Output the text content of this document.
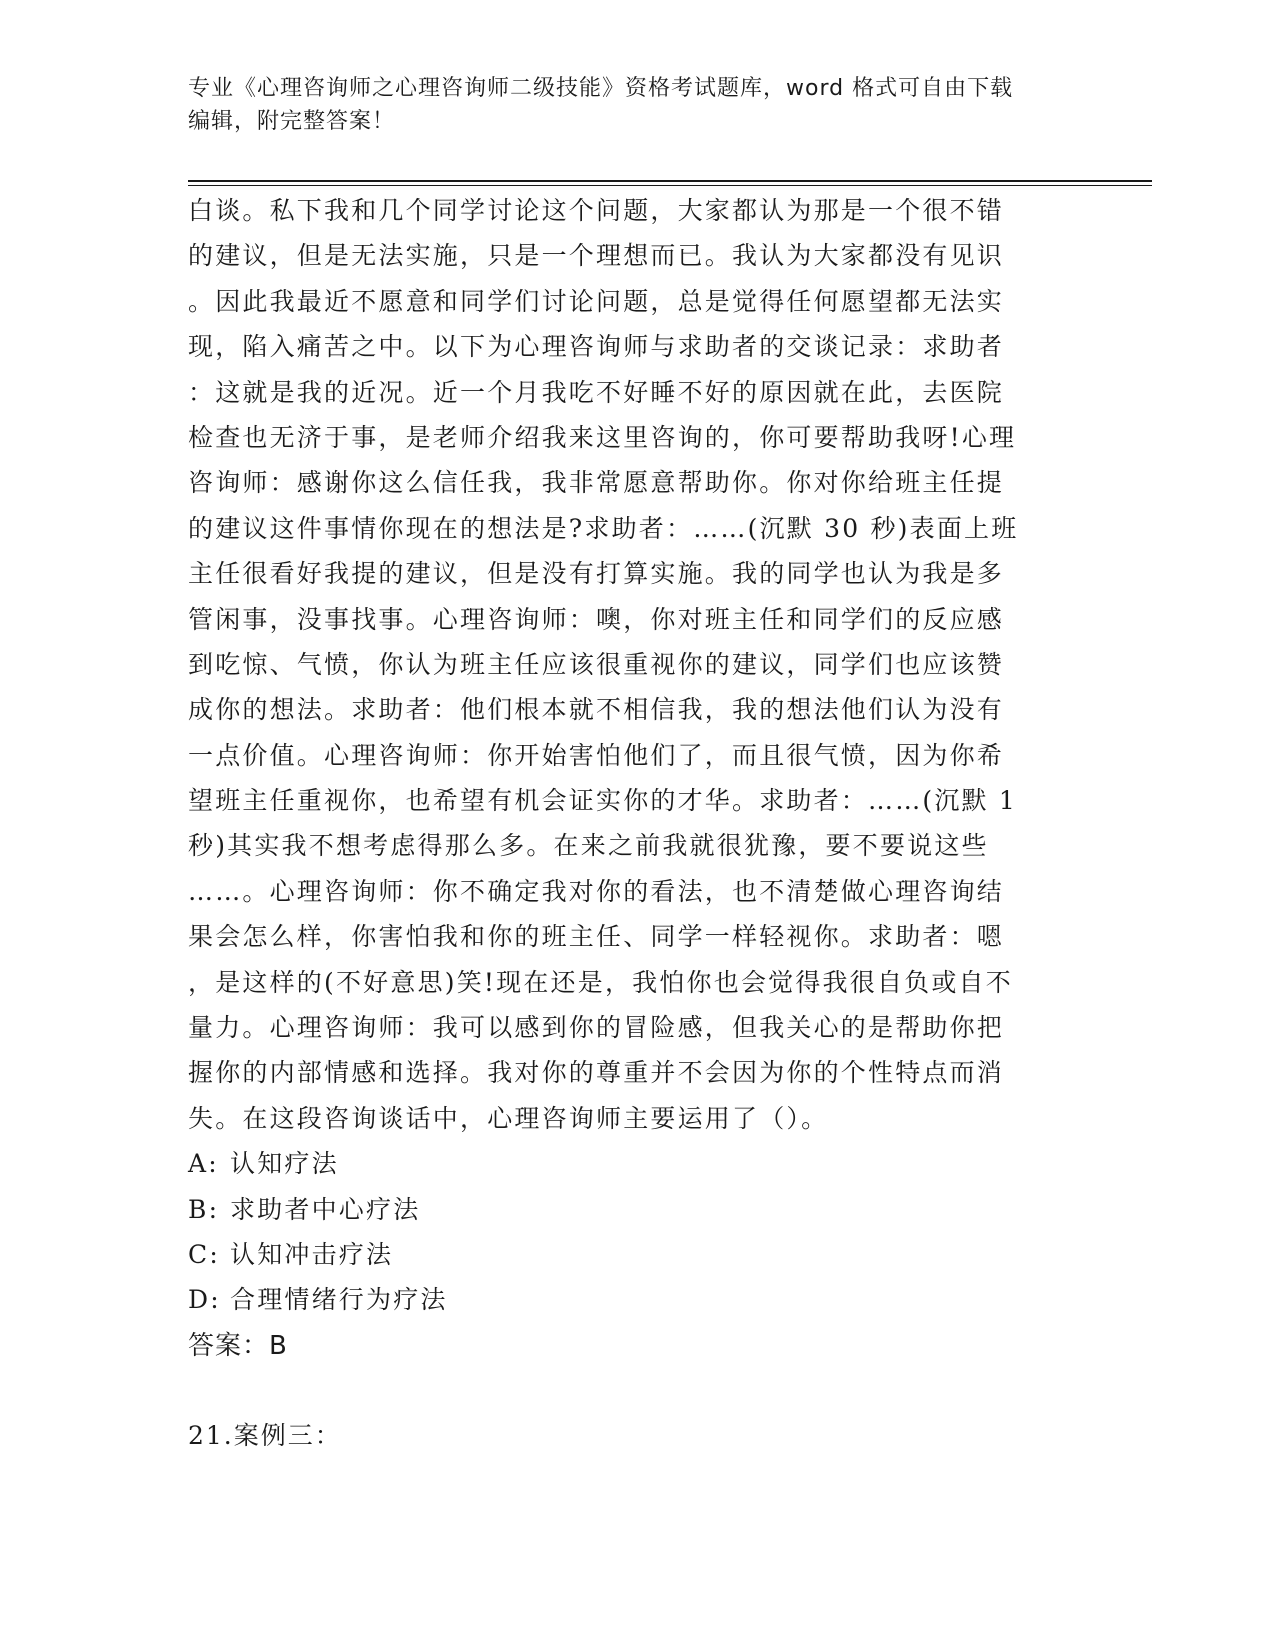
专业《心理咨询师之心理咨询师二级技能》资格考试题库，word 格式可自由下载
编辑，附完整答案！
白谈。私下我和几个同学讨论这个问题，大家都认为那是一个很不错
的建议，但是无法实施，只是一个理想而已。我认为大家都没有见识
。因此我最近不愿意和同学们讨论问题，总是觉得任何愿望都无法实
现，陷入痛苦之中。以下为心理咨询师与求助者的交谈记录：求助者
：这就是我的近况。近一个月我吃不好睡不好的原因就在此，去医院
检查也无济于事，是老师介绍我来这里咨询的，你可要帮助我呀!心理
咨询师：感谢你这么信任我，我非常愿意帮助你。你对你给班主任提
的建议这件事情你现在的想法是?求助者：……(沉默 30 秒)表面上班
主任很看好我提的建议，但是没有打算实施。我的同学也认为我是多
管闲事，没事找事。心理咨询师：噢，你对班主任和同学们的反应感
到吃惊、气愤，你认为班主任应该很重视你的建议，同学们也应该赞
成你的想法。求助者：他们根本就不相信我，我的想法他们认为没有
一点价值。心理咨询师：你开始害怕他们了，而且很气愤，因为你希
望班主任重视你，也希望有机会证实你的才华。求助者：……(沉默 1
秒)其实我不想考虑得那么多。在来之前我就很犹豫，要不要说这些
……。心理咨询师：你不确定我对你的看法，也不清楚做心理咨询结
果会怎么样，你害怕我和你的班主任、同学一样轻视你。求助者：嗯
，是这样的(不好意思)笑!现在还是，我怕你也会觉得我很自负或自不
量力。心理咨询师：我可以感到你的冒险感，但我关心的是帮助你把
握你的内部情感和选择。我对你的尊重并不会因为你的个性特点而消
失。在这段咨询谈话中，心理咨询师主要运用了（）。
A: 认知疗法
B: 求助者中心疗法
C: 认知冲击疗法
D: 合理情绪行为疗法
答案：B
21.案例三：
